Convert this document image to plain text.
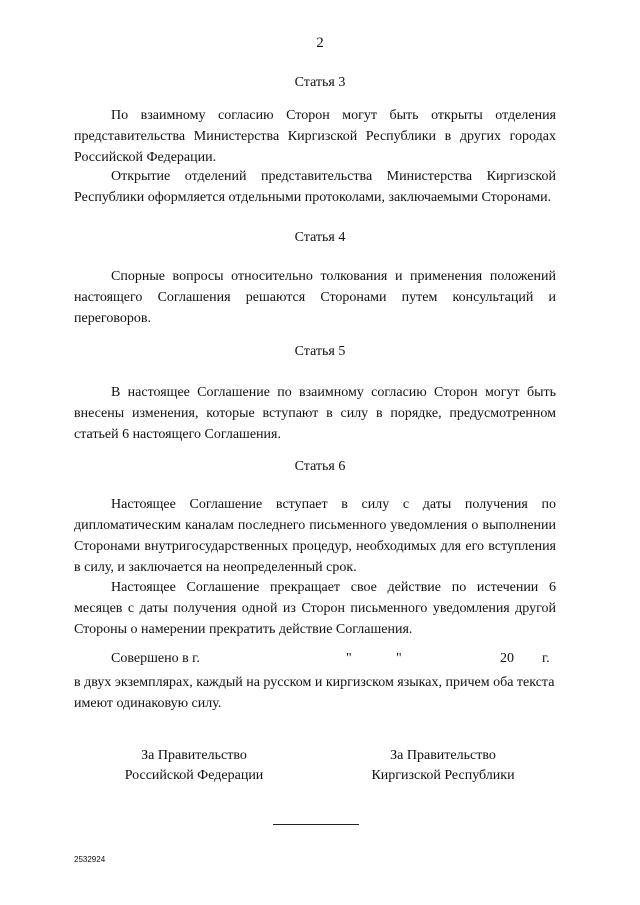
2
Статья 3

По взаимному согласию Сторон могут быть открыты отделения представительства Министерства Киргизской Республики в других городах Российской Федерации.

Открытие отделений представительства Министерства Киргизской Республики оформляется отдельными протоколами, заключаемыми Сторонами.

Статья 4

Спорные вопросы относительно толкования и применения положений настоящего Соглашения решаются Сторонами путем консультаций и переговоров.

Статья 5

В настоящее Соглашение по взаимному согласию Сторон могут быть внесены изменения, которые вступают в силу в порядке, предусмотренном статьей 6 настоящего Соглашения.

Статья 6

Настоящее Соглашение вступает в силу с даты получения по дипломатическим каналам последнего письменного уведомления о выполнении Сторонами внутригосударственных процедур, необходимых для его вступления в силу, и заключается на неопределенный срок.

Настоящее Соглашение прекращает свое действие по истечении 6 месяцев с даты получения одной из Сторон письменного уведомления другой Стороны о намерении прекратить действие Соглашения.

Совершено в г.	"	"	20 г.
в двух экземплярах, каждый на русском и киргизском языках, причем оба текста имеют одинаковую силу.
За Правительство
Российской Федерации
За Правительство
Киргизской Республики
2532924
